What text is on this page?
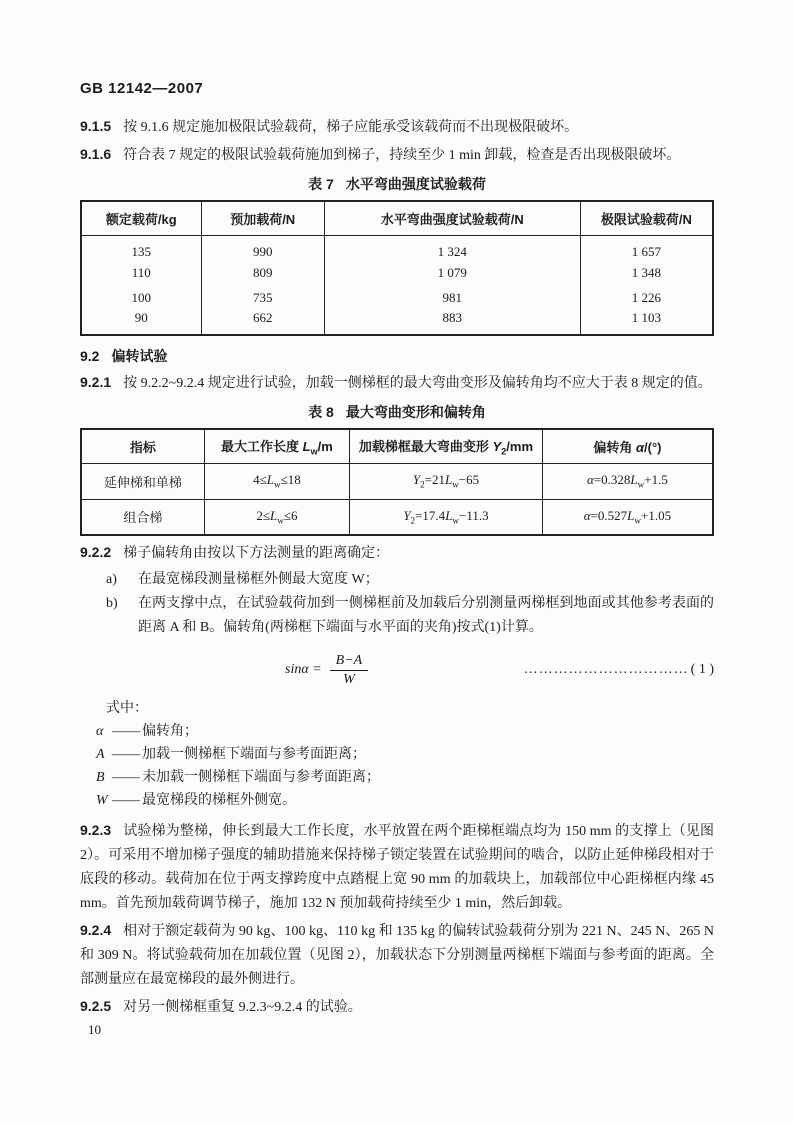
GB 12142—2007

9.1.5 按 9.1.6 规定施加极限试验载荷，梯子应能承受该载荷而不出现极限破坏。

9.1.6 符合表 7 规定的极限试验载荷施加到梯子，持续至少 1 min 卸载，检查是否出现极限破坏。

表 7 水平弯曲强度试验载荷
额定载荷/kg	预加载荷/N	水平弯曲强度试验载荷/N	极限试验载荷/N
135	990	1 324	1 657
110	809	1 079	1 348
100	735	981	1 226
90	662	883	1 103

9.2 偏转试验

9.2.1 按 9.2.2~9.2.4 规定进行试验，加载一侧梯框的最大弯曲变形及偏转角均不应大于表 8 规定的值。

表 8 最大弯曲变形和偏转角
指标	最大工作长度 $L_w/m$	加载梯框最大弯曲变形 $Y_2/mm$	偏转角 α/(°)
延伸梯和单梯	$4\le L_w\le 18$	$Y_2=21L_w-65$	$\alpha=0.328L_w+1.5$
组合梯	$2\le L_w\le 6$	$Y_2=17.4L_w-11.3$	$\alpha=0.527L_w+1.05$

9.2.2 梯子偏转角由按以下方法测量的距离确定：

a)	在最宽梯段测量梯框外侧最大宽度 W；
b)	在两支撑中点，在试验载荷加到一侧梯框前及加载后分别测量两梯框到地面或其他参考表面的距离 A 和 B。偏转角(两梯框下端面与水平面的夹角)按式(1)计算。
$\sin\alpha = \frac{B-A}{W}$	…………………………… ( 1 )
式中：
α —— 偏转角；
A —— 加载一侧梯框下端面与参考面距离；
B —— 未加载一侧梯框下端面与参考面距离；
W —— 最宽梯段的梯框外侧宽。

9.2.3 试验梯为整梯，伸长到最大工作长度，水平放置在两个距梯框端点均为 150 mm 的支撑上（见图 2）。可采用不增加梯子强度的辅助措施来保持梯子锁定装置在试验期间的啮合，以防止延伸梯段相对于底段的移动。载荷加在位于两支撑跨度中点踏棍上宽 90 mm 的加载块上，加载部位中心距梯框内缘 45 mm。首先预加载荷调节梯子，施加 132 N 预加载荷持续至少 1 min，然后卸载。

9.2.4 相对于额定载荷为 90 kg、100 kg、110 kg 和 135 kg 的偏转试验载荷分别为 221 N、245 N、265 N 和 309 N。将试验载荷加在加载位置（见图 2），加载状态下分别测量两梯框下端面与参考面的距离。全部测量应在最宽梯段的最外侧进行。

9.2.5 对另一侧梯框重复 9.2.3~9.2.4 的试验。

10
